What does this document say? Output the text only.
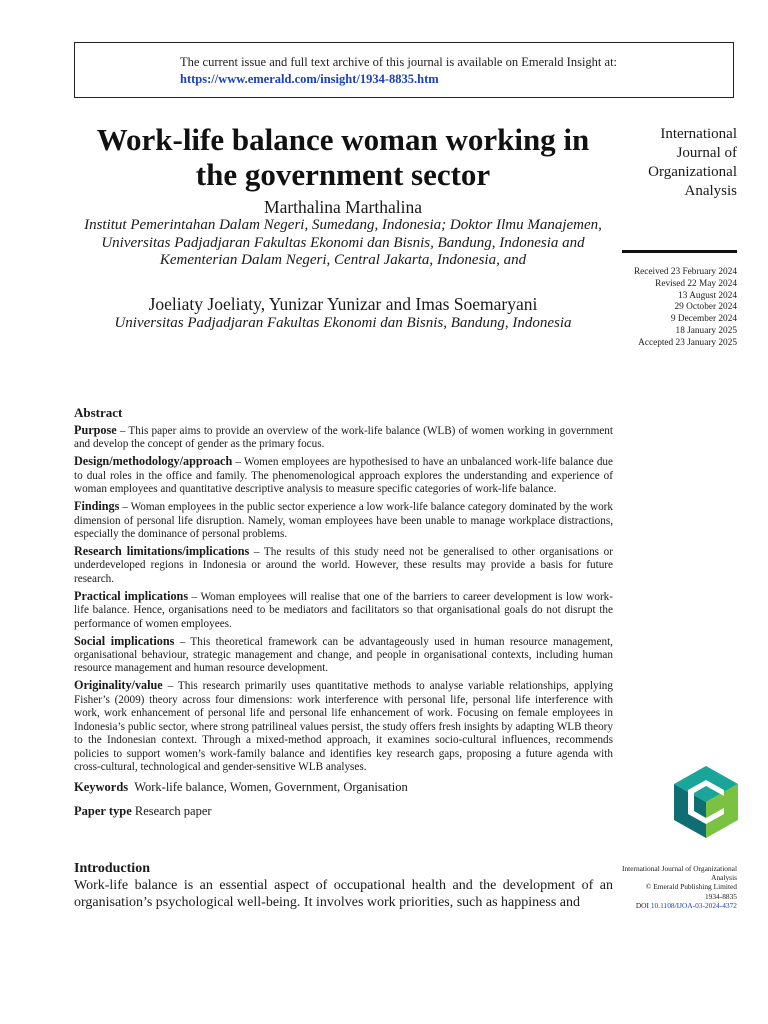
The current issue and full text archive of this journal is available on Emerald Insight at:
https://www.emerald.com/insight/1934-8835.htm
Work-life balance woman working in the government sector
Marthalina Marthalina
Institut Pemerintahan Dalam Negeri, Sumedang, Indonesia; Doktor Ilmu Manajemen, Universitas Padjadjaran Fakultas Ekonomi dan Bisnis, Bandung, Indonesia and Kementerian Dalam Negeri, Central Jakarta, Indonesia, and
Joeliaty Joeliaty, Yunizar Yunizar and Imas Soemaryani
Universitas Padjadjaran Fakultas Ekonomi dan Bisnis, Bandung, Indonesia
International Journal of Organizational Analysis
Received 23 February 2024
Revised 22 May 2024
13 August 2024
29 October 2024
9 December 2024
18 January 2025
Accepted 23 January 2025
Abstract

Purpose – This paper aims to provide an overview of the work-life balance (WLB) of women working in government and develop the concept of gender as the primary focus.

Design/methodology/approach – Women employees are hypothesised to have an unbalanced work-life balance due to dual roles in the office and family. The phenomenological approach explores the understanding and experience of woman employees and quantitative descriptive analysis to measure specific categories of work-life balance.

Findings – Woman employees in the public sector experience a low work-life balance category dominated by the work dimension of personal life disruption. Namely, woman employees have been unable to manage workplace distractions, especially the dominance of personal problems.

Research limitations/implications – The results of this study need not be generalised to other organisations or underdeveloped regions in Indonesia or around the world. However, these results may provide a basis for future research.

Practical implications – Woman employees will realise that one of the barriers to career development is low work-life balance. Hence, organisations need to be mediators and facilitators so that organisational goals do not disrupt the performance of women employees.

Social implications – This theoretical framework can be advantageously used in human resource management, organisational behaviour, strategic management and change, and people in organisational contexts, including human resource management and human resource development.

Originality/value – This research primarily uses quantitative methods to analyse variable relationships, applying Fisher’s (2009) theory across four dimensions: work interference with personal life, personal life interference with work, work enhancement of personal life and personal life enhancement of work. Focusing on female employees in Indonesia’s public sector, where strong patrilineal values persist, the study offers fresh insights by adapting WLB theory to the Indonesian context. Through a mixed-method approach, it examines socio-cultural influences, recommends policies to support women’s work-family balance and identifies key research gaps, proposing a future agenda with cross-cultural, technological and gender-sensitive WLB analyses.

Keywords Work-life balance, Women, Government, Organisation
Paper type Research paper
Introduction
Work-life balance is an essential aspect of occupational health and the development of an organisation’s psychological well-being. It involves work priorities, such as happiness and
International Journal of Organizational Analysis
© Emerald Publishing Limited
1934-8835
DOI 10.1108/IJOA-03-2024-4372
